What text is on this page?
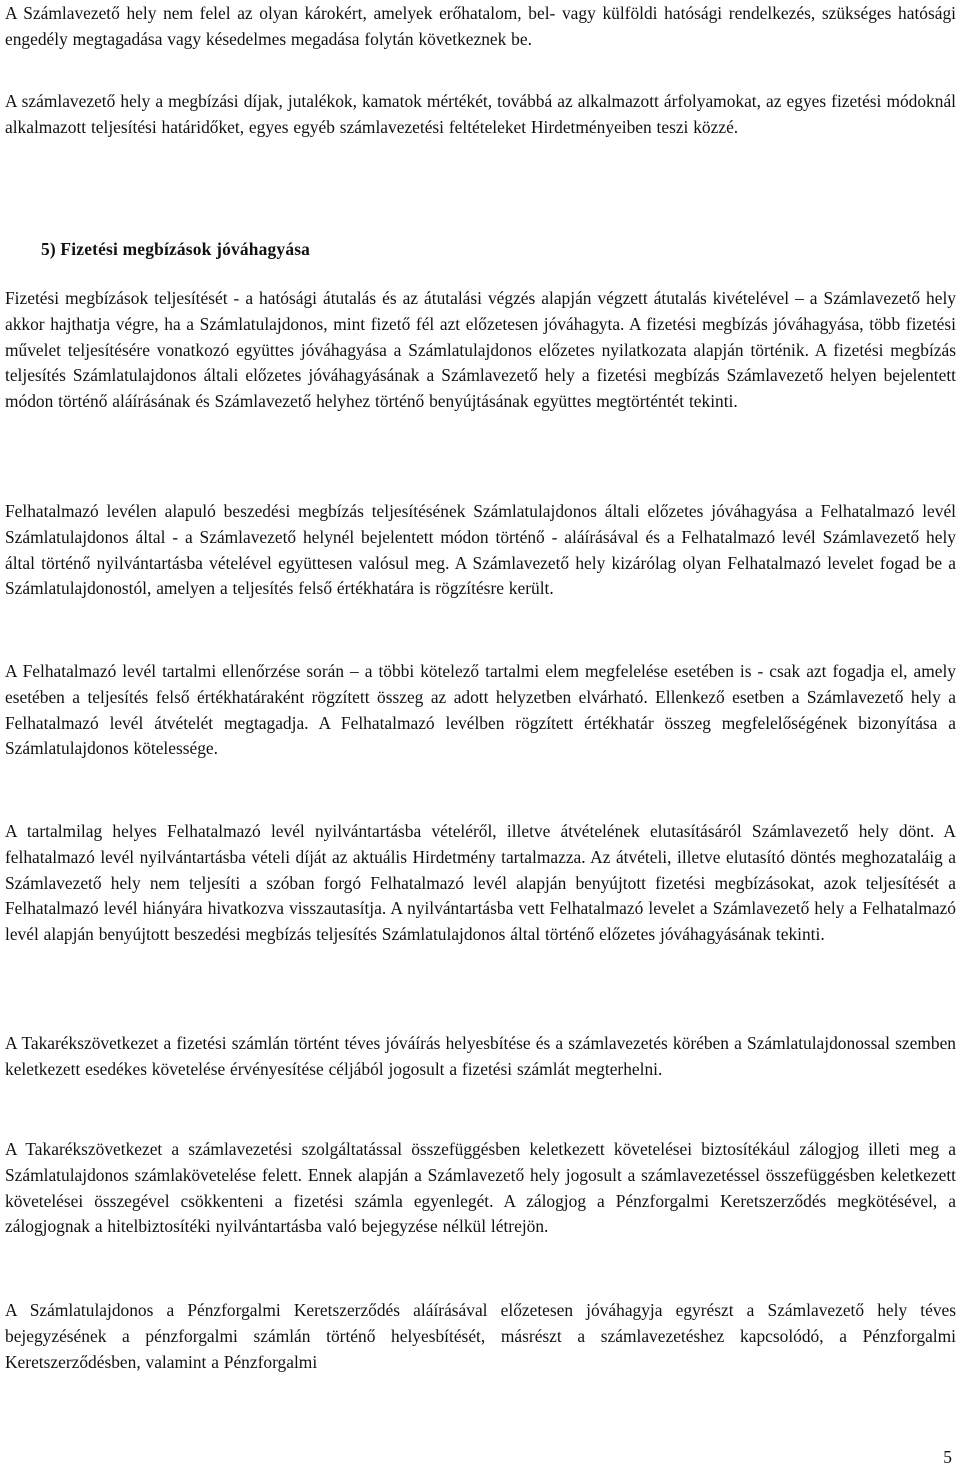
A Számlavezető hely nem felel az olyan károkért, amelyek erőhatalom, bel- vagy külföldi hatósági rendelkezés, szükséges hatósági engedély megtagadása vagy késedelmes megadása folytán következnek be.

A számlavezető hely a megbízási díjak, jutalékok, kamatok mértékét, továbbá az alkalmazott árfolyamokat, az egyes fizetési módoknál alkalmazott teljesítési határidőket, egyes egyéb számlavezetési feltételeket Hirdetményeiben teszi közzé.

5) Fizetési megbízások jóváhagyása

Fizetési megbízások teljesítését - a hatósági átutalás és az átutalási végzés alapján végzett átutalás kivételével – a Számlavezető hely akkor hajthatja végre, ha a Számlatulajdonos, mint fizető fél azt előzetesen jóváhagyta. A fizetési megbízás jóváhagyása, több fizetési művelet teljesítésére vonatkozó együttes jóváhagyása a Számlatulajdonos előzetes nyilatkozata alapján történik. A fizetési megbízás teljesítés Számlatulajdonos általi előzetes jóváhagyásának a Számlavezető hely a fizetési megbízás Számlavezető helyen bejelentett módon történő aláírásának és Számlavezető helyhez történő benyújtásának együttes megtörténtét tekinti.

Felhatalmazó levélen alapuló beszedési megbízás teljesítésének Számlatulajdonos általi előzetes jóváhagyása a Felhatalmazó levél Számlatulajdonos által - a Számlavezető helynél bejelentett módon történő - aláírásával és a Felhatalmazó levél Számlavezető hely által történő nyilvántartásba vételével együttesen valósul meg. A Számlavezető hely kizárólag olyan Felhatalmazó levelet fogad be a Számlatulajdonostól, amelyen a teljesítés felső értékhatára is rögzítésre került.

A Felhatalmazó levél tartalmi ellenőrzése során – a többi kötelező tartalmi elem megfelelése esetében is - csak azt fogadja el, amely esetében a teljesítés felső értékhatáraként rögzített összeg az adott helyzetben elvárható. Ellenkező esetben a Számlavezető hely a Felhatalmazó levél átvételét megtagadja. A Felhatalmazó levélben rögzített értékhatár összeg megfelelőségének bizonyítása a Számlatulajdonos kötelessége.

A tartalmilag helyes Felhatalmazó levél nyilvántartásba vételéről, illetve átvételének elutasításáról Számlavezető hely dönt. A felhatalmazó levél nyilvántartásba vételi díját az aktuális Hirdetmény tartalmazza. Az átvételi, illetve elutasító döntés meghozataláig a Számlavezető hely nem teljesíti a szóban forgó Felhatalmazó levél alapján benyújtott fizetési megbízásokat, azok teljesítését a Felhatalmazó levél hiányára hivatkozva visszautasítja. A nyilvántartásba vett Felhatalmazó levelet a Számlavezető hely a Felhatalmazó levél alapján benyújtott beszedési megbízás teljesítés Számlatulajdonos által történő előzetes jóváhagyásának tekinti.

A Takarékszövetkezet a fizetési számlán történt téves jóváírás helyesbítése és a számlavezetés körében a Számlatulajdonossal szemben keletkezett esedékes követelése érvényesítése céljából jogosult a fizetési számlát megterhelni.

A Takarékszövetkezet a számlavezetési szolgáltatással összefüggésben keletkezett követelései biztosítékául zálogjog illeti meg a Számlatulajdonos számlakövetelése felett. Ennek alapján a Számlavezető hely jogosult a számlavezetéssel összefüggésben keletkezett követelései összegével csökkenteni a fizetési számla egyenlegét. A zálogjog a Pénzforgalmi Keretszerződés megkötésével, a zálogjognak a hitelbiztosítéki nyilvántartásba való bejegyzése nélkül létrejön.

A Számlatulajdonos a Pénzforgalmi Keretszerződés aláírásával előzetesen jóváhagyja egyrészt a Számlavezető hely téves bejegyzésének a pénzforgalmi számlán történő helyesbítését, másrészt a számlavezetéshez kapcsolódó, a Pénzforgalmi Keretszerződésben, valamint a Pénzforgalmi

5
